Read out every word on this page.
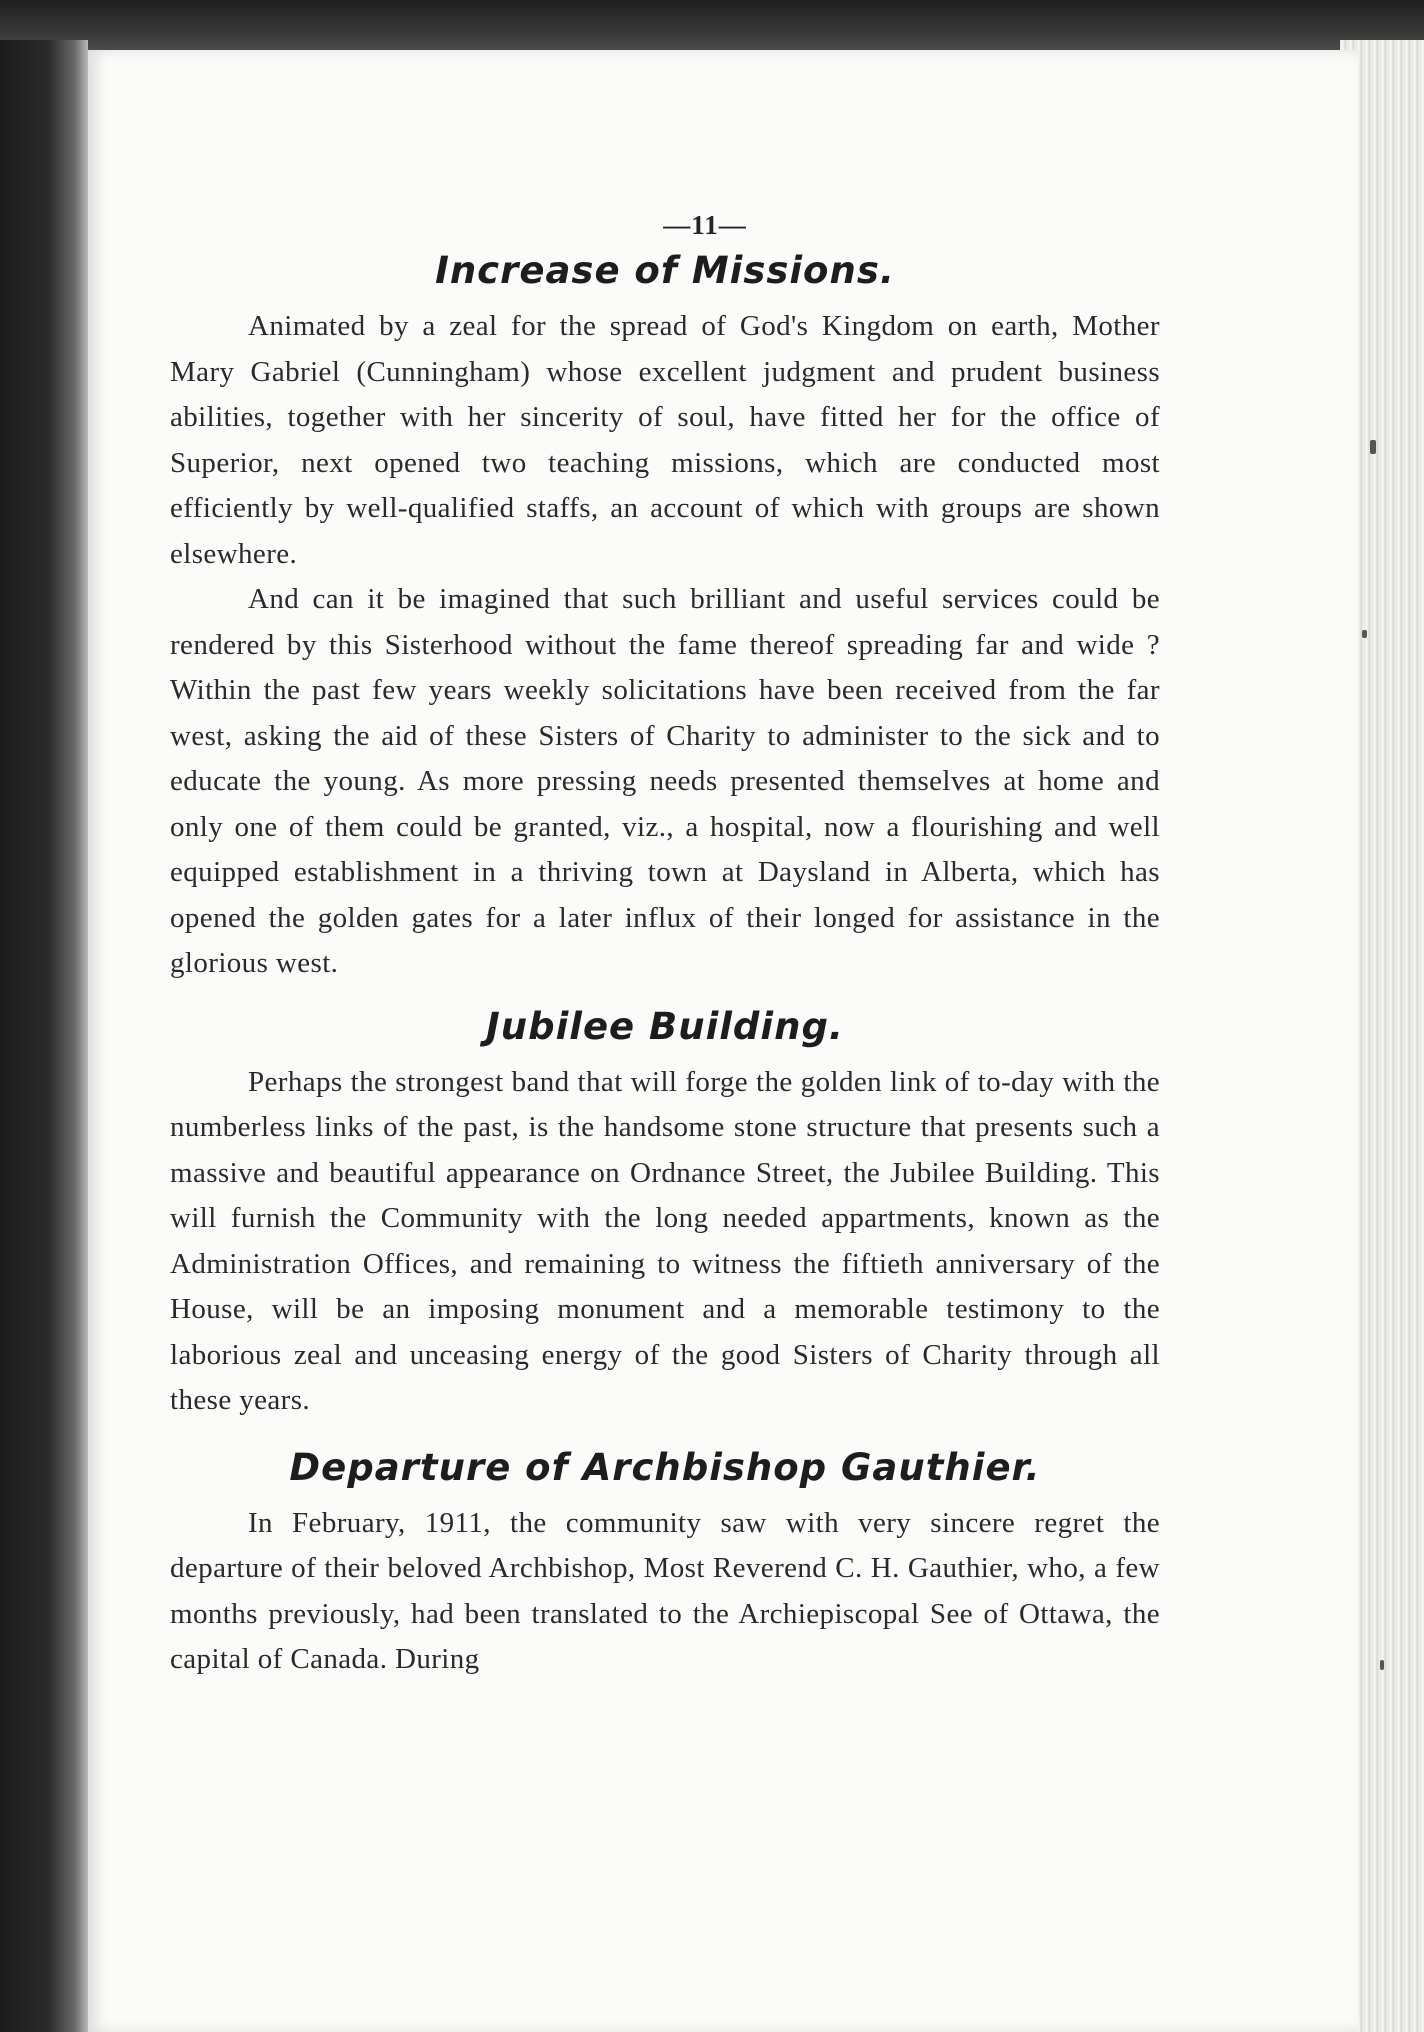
—11—
Increase of Missions.

Animated by a zeal for the spread of God's Kingdom on earth, Mother Mary Gabriel (Cunningham) whose excellent judgment and prudent business abilities, together with her sincerity of soul, have fitted her for the office of Superior, next opened two teaching missions, which are conducted most efficiently by well-qualified staffs, an account of which with groups are shown elsewhere.

And can it be imagined that such brilliant and useful services could be rendered by this Sisterhood without the fame thereof spreading far and wide ? Within the past few years weekly solicitations have been received from the far west, asking the aid of these Sisters of Charity to administer to the sick and to educate the young. As more pressing needs presented themselves at home and only one of them could be granted, viz., a hospital, now a flourishing and well equipped establishment in a thriving town at Daysland in Alberta, which has opened the golden gates for a later influx of their longed for assistance in the glorious west.

Jubilee Building.

Perhaps the strongest band that will forge the golden link of to-day with the numberless links of the past, is the handsome stone structure that presents such a massive and beautiful appearance on Ordnance Street, the Jubilee Building. This will furnish the Community with the long needed appartments, known as the Administration Offices, and remaining to witness the fiftieth anniversary of the House, will be an imposing monument and a memorable testimony to the laborious zeal and unceasing energy of the good Sisters of Charity through all these years.

Departure of Archbishop Gauthier.

In February, 1911, the community saw with very sincere regret the departure of their beloved Archbishop, Most Reverend C. H. Gauthier, who, a few months previously, had been translated to the Archiepiscopal See of Ottawa, the capital of Canada. During
